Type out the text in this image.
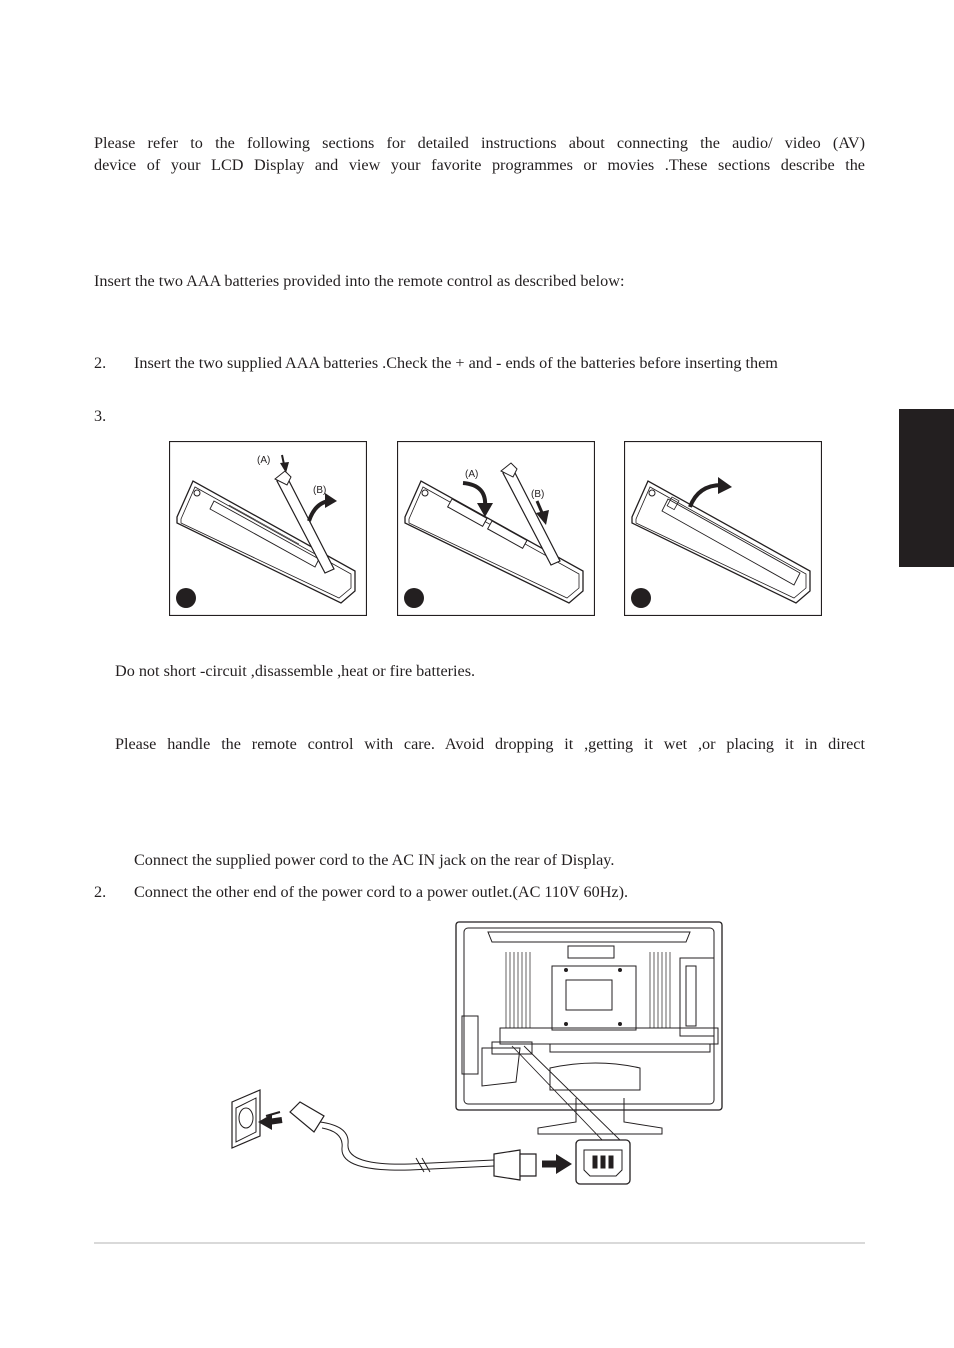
Please refer to the following sections for detailed instructions about connecting the audio/ video (AV)
device of your LCD Display and view your favorite programmes or movies .These sections describe the
Insert the two AAA batteries provided into the remote control as described below:
2. Insert the two supplied AAA batteries .Check the + and - ends of the batteries before inserting them
3.
(A)
(B)
(A)
(B)
Do not short -circuit ,disassemble ,heat or fire batteries.
Please handle the remote control with care. Avoid dropping it ,getting it wet ,or placing it in direct
Connect the supplied power cord to the AC IN jack on the rear of Display.
2. Connect the other end of the power cord to a power outlet.(AC 110V 60Hz).
